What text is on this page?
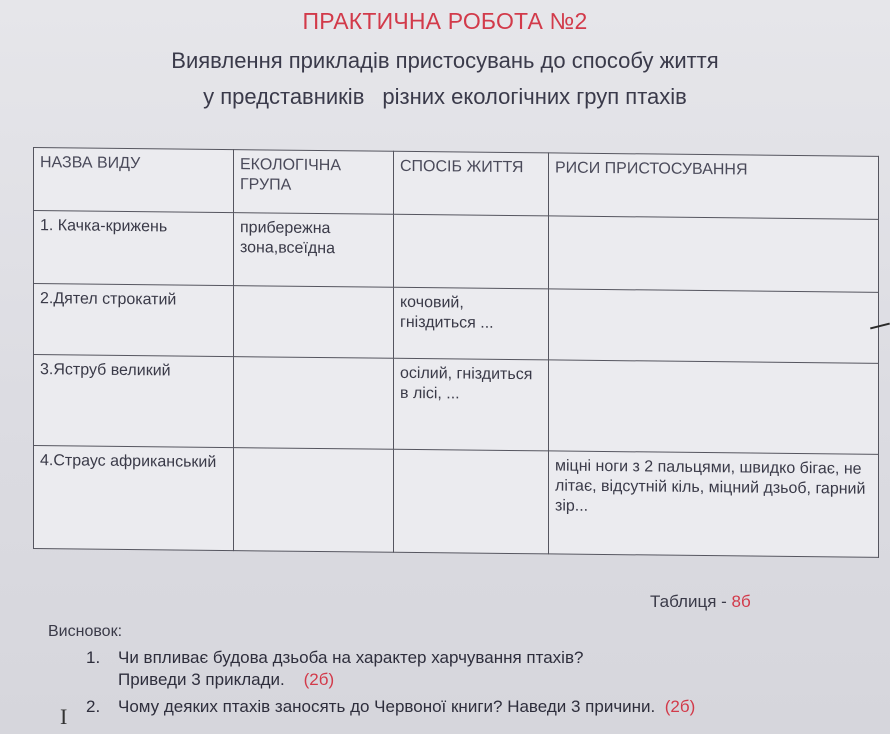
ПРАКТИЧНА РОБОТА №2
Виявлення прикладів пристосувань до способу життя
у представників різних екологічних груп птахів
НАЗВА ВИДУ	ЕКОЛОГІЧНА ГРУПА	СПОСІБ ЖИТТЯ	РИСИ ПРИСТОСУВАННЯ
1. Качка-крижень	прибережна зона,всеїдна		
2.Дятел строкатий		кочовий, гніздиться ...	
3.Яструб великий		осілий, гніздиться в лісі, ...	
4.Страус африканський			міцні ноги з 2 пальцями, швидко бігає, не літає, відсутній кіль, міцний дзьоб, гарний зір...
Таблиця - 8б
Висновок:
1. Чи впливає будова дзьоба на характер харчування птахів?
Приведи 3 приклади. (2б)
2. Чому деяких птахів заносять до Червоної книги? Наведи 3 причини. (2б)
I
